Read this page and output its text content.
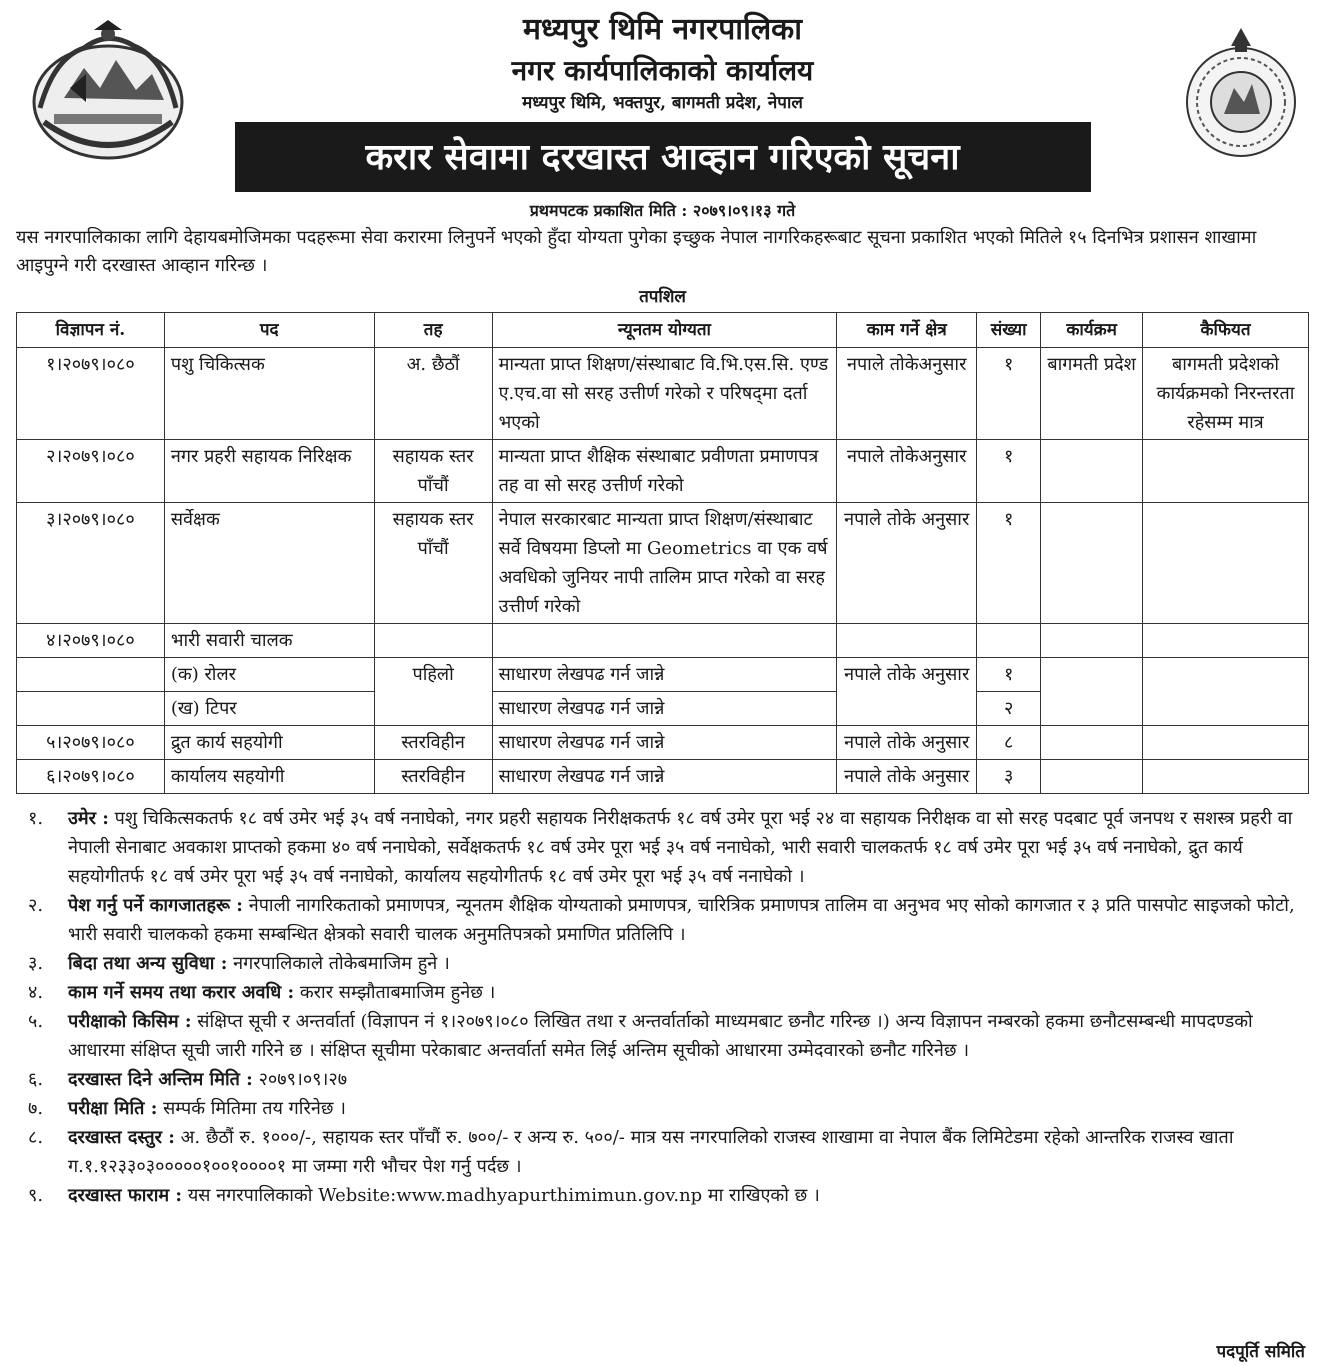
मध्यपुर थिमि नगरपालिका
नगर कार्यपालिकाको कार्यालय
मध्यपुर थिमि, भक्तपुर, बागमती प्रदेश, नेपाल
करार सेवामा दरखास्त आव्हान गरिएको सूचना
प्रथमपटक प्रकाशित मिति : २०७९।०९।१३ गते
यस नगरपालिकाका लागि देहायबमोजिमका पदहरूमा सेवा करारमा लिनुपर्ने भएको हुँदा योग्यता पुगेका इच्छुक नेपाल नागरिकहरूबाट सूचना प्रकाशित भएको मितिले १५ दिनभित्र प्रशासन शाखामा आइपुग्ने गरी दरखास्त आव्हान गरिन्छ ।
तपशिल
विज्ञापन नं.	पद	तह	न्यूनतम योग्यता	काम गर्ने क्षेत्र	संख्या	कार्यक्रम	कैफियत
१।२०७९।०८०	पशु चिकित्सक	अ. छैठौं	मान्यता प्राप्त शिक्षण/संस्थाबाट वि.भि.एस.सि. एण्ड ए.एच.वा सो सरह उत्तीर्ण गरेको र परिषद्‌मा दर्ता भएको	नपाले तोकेअनुसार	१	बागमती प्रदेश	बागमती प्रदेशको कार्यक्रमको निरन्तरता रहेसम्म मात्र
२।२०७९।०८०	नगर प्रहरी सहायक निरिक्षक	सहायक स्तर पाँचौं	मान्यता प्राप्त शैक्षिक संस्थाबाट प्रवीणता प्रमाणपत्र तह वा सो सरह उत्तीर्ण गरेको	नपाले तोकेअनुसार	१		
३।२०७९।०८०	सर्वेक्षक	सहायक स्तर पाँचौं	नेपाल सरकारबाट मान्यता प्राप्त शिक्षण/संस्थाबाट सर्वे विषयमा डिप्लो मा Geometrics वा एक वर्ष अवधिको जुनियर नापी तालिम प्राप्त गरेको वा सरह उत्तीर्ण गरेको	नपाले तोके अनुसार	१		
४।२०७९।०८०	भारी सवारी चालक						
	(क) रोलर	पहिलो	साधारण लेखपढ गर्न जान्ने	नपाले तोके अनुसार	१		
	(ख) टिपर		साधारण लेखपढ गर्न जान्ने		२		
५।२०७९।०८०	द्रुत कार्य सहयोगी	स्तरविहीन	साधारण लेखपढ गर्न जान्ने	नपाले तोके अनुसार	८		
६।२०७९।०८०	कार्यालय सहयोगी	स्तरविहीन	साधारण लेखपढ गर्न जान्ने	नपाले तोके अनुसार	३		
१.	उमेर : पशु चिकित्सकतर्फ १८ वर्ष उमेर भई ३५ वर्ष ननाघेको, नगर प्रहरी सहायक निरीक्षकतर्फ १८ वर्ष उमेर पूरा भई २४ वा सहायक निरीक्षक वा सो सरह पदबाट पूर्व जनपथ र सशस्त्र प्रहरी वा नेपाली सेनाबाट अवकाश प्राप्तको हकमा ४० वर्ष ननाघेको, सर्वेक्षकतर्फ १८ वर्ष उमेर पूरा भई ३५ वर्ष ननाघेको, भारी सवारी चालकतर्फ १८ वर्ष उमेर पूरा भई ३५ वर्ष ननाघेको, द्रुत कार्य सहयोगीतर्फ १८ वर्ष उमेर पूरा भई ३५ वर्ष ननाघेको, कार्यालय सहयोगीतर्फ १८ वर्ष उमेर पूरा भई ३५ वर्ष ननाघेको ।
२.	पेश गर्नु पर्ने कागजातहरू : नेपाली नागरिकताको प्रमाणपत्र, न्यूनतम शैक्षिक योग्यताको प्रमाणपत्र, चारित्रिक प्रमाणपत्र तालिम वा अनुभव भए सोको कागजात र ३ प्रति पासपोट साइजको फोटो, भारी सवारी चालकको हकमा सम्बन्धित क्षेत्रको सवारी चालक अनुमतिपत्रको प्रमाणित प्रतिलिपि ।
३.	बिदा तथा अन्य सुविधा : नगरपालिकाले तोकेबमाजिम हुने ।
४.	काम गर्ने समय तथा करार अवधि : करार सम्झौताबमाजिम हुनेछ ।
५.	परीक्षाको किसिम : संक्षिप्त सूची र अन्तर्वार्ता (विज्ञापन नं १।२०७९।०८० लिखित तथा र अन्तर्वार्ताको माध्यमबाट छनौट गरिन्छ ।) अन्य विज्ञापन नम्बरको हकमा छनौटसम्बन्धी मापदण्डको आधारमा संक्षिप्त सूची जारी गरिने छ । संक्षिप्त सूचीमा परेकाबाट अन्तर्वार्ता समेत लिई अन्तिम सूचीको आधारमा उम्मेदवारको छनौट गरिनेछ ।
६.	दरखास्त दिने अन्तिम मिति : २०७९।०९।२७
७.	परीक्षा मिति : सम्पर्क मितिमा तय गरिनेछ ।
८.	दरखास्त दस्तुर : अ. छैठौं रु. १०००/-, सहायक स्तर पाँचौं रु. ७००/- र अन्य रु. ५००/- मात्र यस नगरपालिको राजस्व शाखामा वा नेपाल बैंक लिमिटेडमा रहेको आन्तरिक राजस्व खाता ग.१.१२३३०३०००००१००१००००१ मा जम्मा गरी भौचर पेश गर्नु पर्दछ ।
९.	दरखास्त फाराम : यस नगरपालिकाको Website:www.madhyapurthimimun.gov.np मा राखिएको छ ।
पदपूर्ति समिति
